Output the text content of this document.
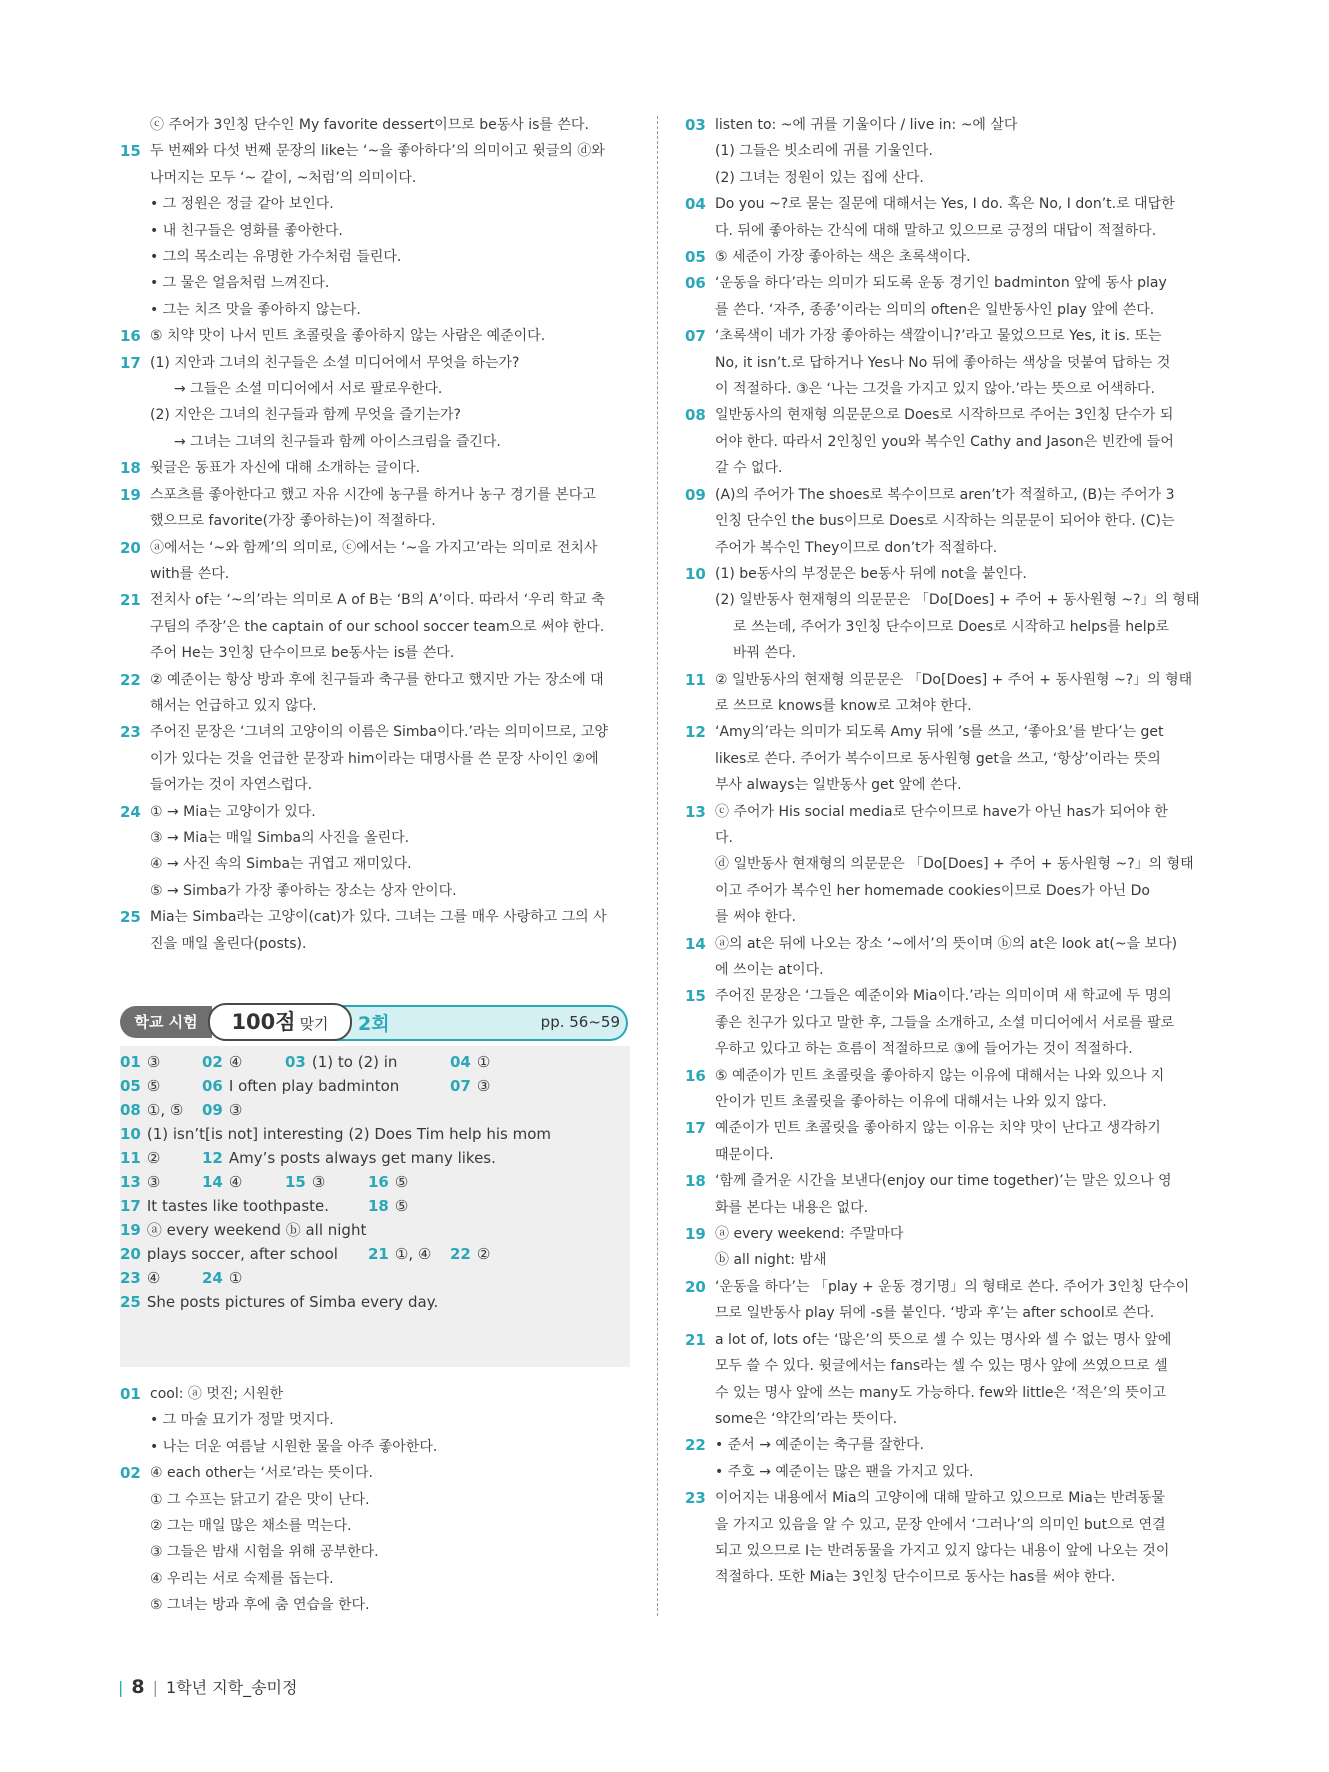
ⓒ 주어가 3인칭 단수인 My favorite dessert이므로 be동사 is를 쓴다.
15 두 번째와 다섯 번째 문장의 like는 ‘~을 좋아하다’의 의미이고 윗글의 ⓓ와
나머지는 모두 ‘~ 같이, ~처럼’의 의미이다.
• 그 정원은 정글 같아 보인다.
• 내 친구들은 영화를 좋아한다.
• 그의 목소리는 유명한 가수처럼 들린다.
• 그 물은 얼음처럼 느껴진다.
• 그는 치즈 맛을 좋아하지 않는다.
16 ⑤ 치약 맛이 나서 민트 초콜릿을 좋아하지 않는 사람은 예준이다.
17 (1) 지안과 그녀의 친구들은 소셜 미디어에서 무엇을 하는가?
→ 그들은 소셜 미디어에서 서로 팔로우한다.
(2) 지안은 그녀의 친구들과 함께 무엇을 즐기는가?
→ 그녀는 그녀의 친구들과 함께 아이스크림을 즐긴다.
18 윗글은 동표가 자신에 대해 소개하는 글이다.
19 스포츠를 좋아한다고 했고 자유 시간에 농구를 하거나 농구 경기를 본다고
했으므로 favorite(가장 좋아하는)이 적절하다.
20 ⓐ에서는 ‘~와 함께’의 의미로, ⓒ에서는 ‘~을 가지고’라는 의미로 전치사
with를 쓴다.
21 전치사 of는 ‘~의’라는 의미로 A of B는 ‘B의 A’이다. 따라서 ‘우리 학교 축
구팀의 주장’은 the captain of our school soccer team으로 써야 한다.
주어 He는 3인칭 단수이므로 be동사는 is를 쓴다.
22 ② 예준이는 항상 방과 후에 친구들과 축구를 한다고 했지만 가는 장소에 대
해서는 언급하고 있지 않다.
23 주어진 문장은 ‘그녀의 고양이의 이름은 Simba이다.’라는 의미이므로, 고양
이가 있다는 것을 언급한 문장과 him이라는 대명사를 쓴 문장 사이인 ②에
들어가는 것이 자연스럽다.
24 ① → Mia는 고양이가 있다.
③ → Mia는 매일 Simba의 사진을 올린다.
④ → 사진 속의 Simba는 귀엽고 재미있다.
⑤ → Simba가 가장 좋아하는 장소는 상자 안이다.
25 Mia는 Simba라는 고양이(cat)가 있다. 그녀는 그를 매우 사랑하고 그의 사
진을 매일 올린다(posts).
학교 시험	100점 맞기	2회	pp. 56~59
01 ③	02 ④	03 (1) to (2) in	04 ①
05 ⑤	06 I often play badminton	07 ③
08 ①, ⑤ 09 ③
10 (1) isn’t[is not] interesting (2) Does Tim help his mom
11 ②	12 Amy’s posts always get many likes.
13 ③	14 ④	15 ③	16 ⑤
17 It tastes like toothpaste.	18 ⑤
19 ⓐ every weekend ⓑ all night
20 plays soccer, after school 21 ①, ④ 22 ②
23 ④	24 ①
25 She posts pictures of Simba every day.
01 cool: ⓐ 멋진; 시원한
• 그 마술 묘기가 정말 멋지다.
• 나는 더운 여름날 시원한 물을 아주 좋아한다.
02 ④ each other는 ‘서로’라는 뜻이다.
① 그 수프는 닭고기 같은 맛이 난다.
② 그는 매일 많은 채소를 먹는다.
③ 그들은 밤새 시험을 위해 공부한다.
④ 우리는 서로 숙제를 돕는다.
⑤ 그녀는 방과 후에 춤 연습을 한다.
03 listen to: ~에 귀를 기울이다 / live in: ~에 살다
(1) 그들은 빗소리에 귀를 기울인다.
(2) 그녀는 정원이 있는 집에 산다.
04 Do you ~?로 묻는 질문에 대해서는 Yes, I do. 혹은 No, I don’t.로 대답한
다. 뒤에 좋아하는 간식에 대해 말하고 있으므로 긍정의 대답이 적절하다.
05 ⑤ 세준이 가장 좋아하는 색은 초록색이다.
06 ‘운동을 하다’라는 의미가 되도록 운동 경기인 badminton 앞에 동사 play
를 쓴다. ‘자주, 종종’이라는 의미의 often은 일반동사인 play 앞에 쓴다.
07 ‘초록색이 네가 가장 좋아하는 색깔이니?’라고 물었으므로 Yes, it is. 또는
No, it isn’t.로 답하거나 Yes나 No 뒤에 좋아하는 색상을 덧붙여 답하는 것
이 적절하다. ③은 ‘나는 그것을 가지고 있지 않아.’라는 뜻으로 어색하다.
08 일반동사의 현재형 의문문으로 Does로 시작하므로 주어는 3인칭 단수가 되
어야 한다. 따라서 2인칭인 you와 복수인 Cathy and Jason은 빈칸에 들어
갈 수 없다.
09 (A)의 주어가 The shoes로 복수이므로 aren’t가 적절하고, (B)는 주어가 3
인칭 단수인 the bus이므로 Does로 시작하는 의문문이 되어야 한다. (C)는
주어가 복수인 They이므로 don’t가 적절하다.
10 (1) be동사의 부정문은 be동사 뒤에 not을 붙인다.
(2) 일반동사 현재형의 의문문은 「Do[Does] + 주어 + 동사원형 ~?」의 형태
로 쓰는데, 주어가 3인칭 단수이므로 Does로 시작하고 helps를 help로
바꿔 쓴다.
11 ② 일반동사의 현재형 의문문은 「Do[Does] + 주어 + 동사원형 ~?」의 형태
로 쓰므로 knows를 know로 고쳐야 한다.
12 ‘Amy의’라는 의미가 되도록 Amy 뒤에 ’s를 쓰고, ‘좋아요’를 받다’는 get
likes로 쓴다. 주어가 복수이므로 동사원형 get을 쓰고, ‘항상’이라는 뜻의
부사 always는 일반동사 get 앞에 쓴다.
13 ⓒ 주어가 His social media로 단수이므로 have가 아닌 has가 되어야 한
다.
ⓓ 일반동사 현재형의 의문문은 「Do[Does] + 주어 + 동사원형 ~?」의 형태
이고 주어가 복수인 her homemade cookies이므로 Does가 아닌 Do
를 써야 한다.
14 ⓐ의 at은 뒤에 나오는 장소 ‘~에서’의 뜻이며 ⓑ의 at은 look at(~을 보다)
에 쓰이는 at이다.
15 주어진 문장은 ‘그들은 예준이와 Mia이다.’라는 의미이며 새 학교에 두 명의
좋은 친구가 있다고 말한 후, 그들을 소개하고, 소셜 미디어에서 서로를 팔로
우하고 있다고 하는 흐름이 적절하므로 ③에 들어가는 것이 적절하다.
16 ⑤ 예준이가 민트 초콜릿을 좋아하지 않는 이유에 대해서는 나와 있으나 지
안이가 민트 초콜릿을 좋아하는 이유에 대해서는 나와 있지 않다.
17 예준이가 민트 초콜릿을 좋아하지 않는 이유는 치약 맛이 난다고 생각하기
때문이다.
18 ‘함께 즐거운 시간을 보낸다(enjoy our time together)’는 말은 있으나 영
화를 본다는 내용은 없다.
19 ⓐ every weekend: 주말마다
ⓑ all night: 밤새
20 ‘운동을 하다’는 「play + 운동 경기명」의 형태로 쓴다. 주어가 3인칭 단수이
므로 일반동사 play 뒤에 -s를 붙인다. ‘방과 후’는 after school로 쓴다.
21 a lot of, lots of는 ‘많은’의 뜻으로 셀 수 있는 명사와 셀 수 없는 명사 앞에
모두 쓸 수 있다. 윗글에서는 fans라는 셀 수 있는 명사 앞에 쓰였으므로 셀
수 있는 명사 앞에 쓰는 many도 가능하다. few와 little은 ‘적은’의 뜻이고
some은 ‘약간의’라는 뜻이다.
22 • 준서 → 예준이는 축구를 잘한다.
• 주호 → 예준이는 많은 팬을 가지고 있다.
23 이어지는 내용에서 Mia의 고양이에 대해 말하고 있으므로 Mia는 반려동물
을 가지고 있음을 알 수 있고, 문장 안에서 ‘그러나’의 의미인 but으로 연결
되고 있으므로 I는 반려동물을 가지고 있지 않다는 내용이 앞에 나오는 것이
적절하다. 또한 Mia는 3인칭 단수이므로 동사는 has를 써야 한다.
| 8 | 1학년 지학_송미정
